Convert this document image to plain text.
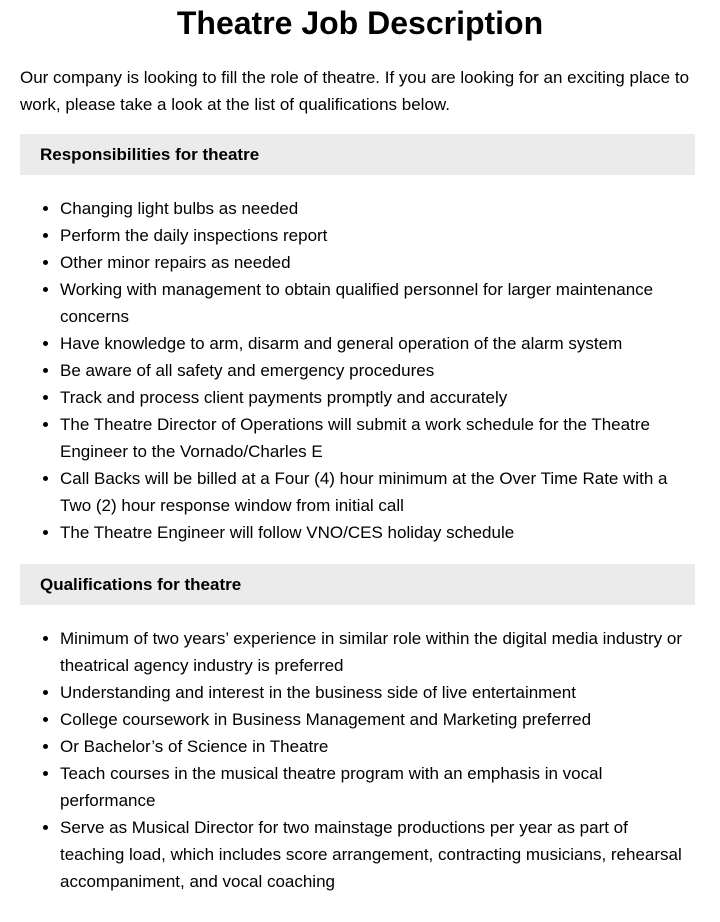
Theatre Job Description

Our company is looking to fill the role of theatre. If you are looking for an exciting place to work, please take a look at the list of qualifications below.

Responsibilities for theatre
• Changing light bulbs as needed
• Perform the daily inspections report
• Other minor repairs as needed
• Working with management to obtain qualified personnel for larger maintenance concerns
• Have knowledge to arm, disarm and general operation of the alarm system
• Be aware of all safety and emergency procedures
• Track and process client payments promptly and accurately
• The Theatre Director of Operations will submit a work schedule for the Theatre Engineer to the Vornado/Charles E
• Call Backs will be billed at a Four (4) hour minimum at the Over Time Rate with a Two (2) hour response window from initial call
• The Theatre Engineer will follow VNO/CES holiday schedule
Qualifications for theatre
• Minimum of two years’ experience in similar role within the digital media industry or theatrical agency industry is preferred
• Understanding and interest in the business side of live entertainment
• College coursework in Business Management and Marketing preferred
• Or Bachelor’s of Science in Theatre
• Teach courses in the musical theatre program with an emphasis in vocal performance
• Serve as Musical Director for two mainstage productions per year as part of teaching load, which includes score arrangement, contracting musicians, rehearsal accompaniment, and vocal coaching
